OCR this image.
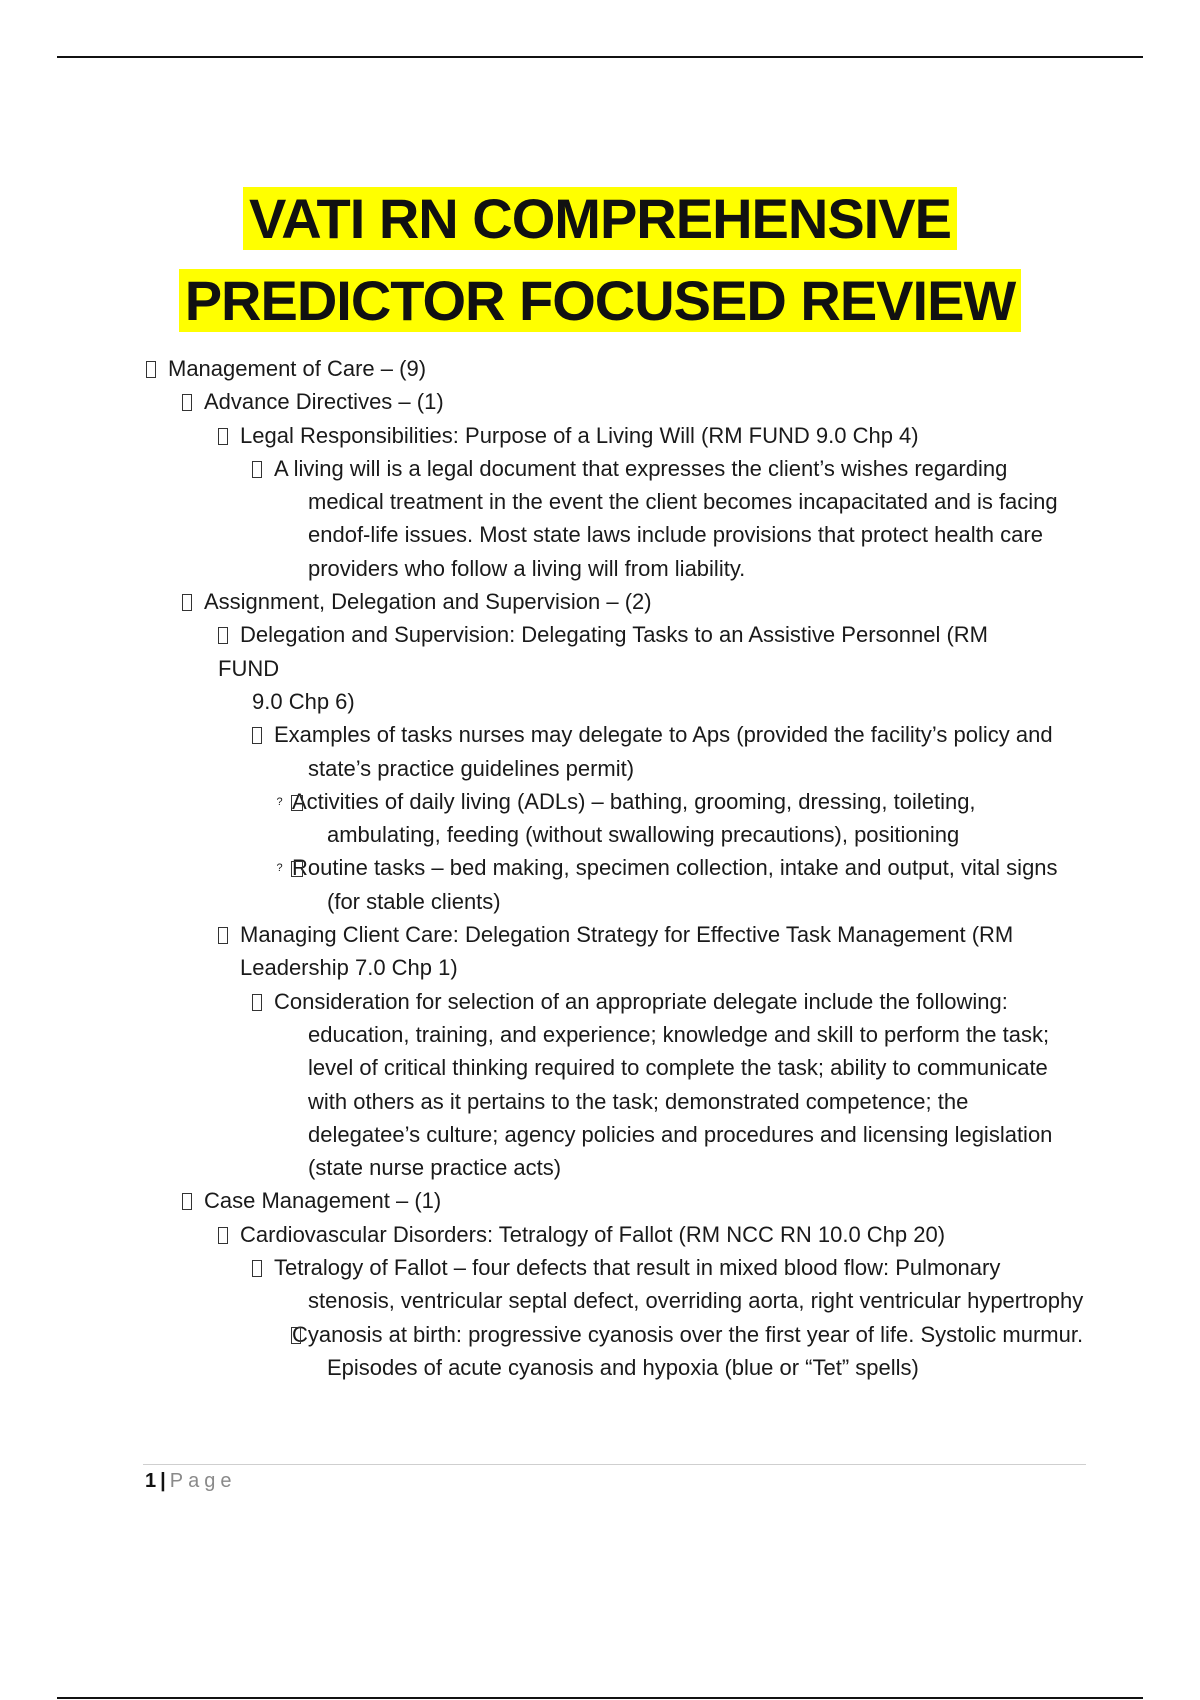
VATI RN COMPREHENSIVE
PREDICTOR FOCUSED REVIEW
Management of Care – (9)
Advance Directives – (1)
Legal Responsibilities: Purpose of a Living Will (RM FUND 9.0 Chp 4)
A living will is a legal document that expresses the client’s wishes regarding medical treatment in the event the client becomes incapacitated and is facing endof-life issues. Most state laws include provisions that protect health care providers who follow a living will from liability.
Assignment, Delegation and Supervision – (2)
Delegation and Supervision: Delegating Tasks to an Assistive Personnel (RM
FUND
9.0 Chp 6)
Examples of tasks nurses may delegate to Aps (provided the facility’s policy and state’s practice guidelines permit)
? Activities of daily living (ADLs) – bathing, grooming, dressing, toileting, ambulating, feeding (without swallowing precautions), positioning
? Routine tasks – bed making, specimen collection, intake and output, vital signs (for stable clients)
Managing Client Care: Delegation Strategy for Effective Task Management (RM Leadership 7.0 Chp 1)
Consideration for selection of an appropriate delegate include the following: education, training, and experience; knowledge and skill to perform the task; level of critical thinking required to complete the task; ability to communicate with others as it pertains to the task; demonstrated competence; the delegatee’s culture; agency policies and procedures and licensing legislation (state nurse practice acts)
Case Management – (1)
Cardiovascular Disorders: Tetralogy of Fallot (RM NCC RN 10.0 Chp 20)
Tetralogy of Fallot – four defects that result in mixed blood flow: Pulmonary stenosis, ventricular septal defect, overriding aorta, right ventricular hypertrophy
Cyanosis at birth: progressive cyanosis over the first year of life. Systolic murmur. Episodes of acute cyanosis and hypoxia (blue or “Tet” spells)
1 | Page
